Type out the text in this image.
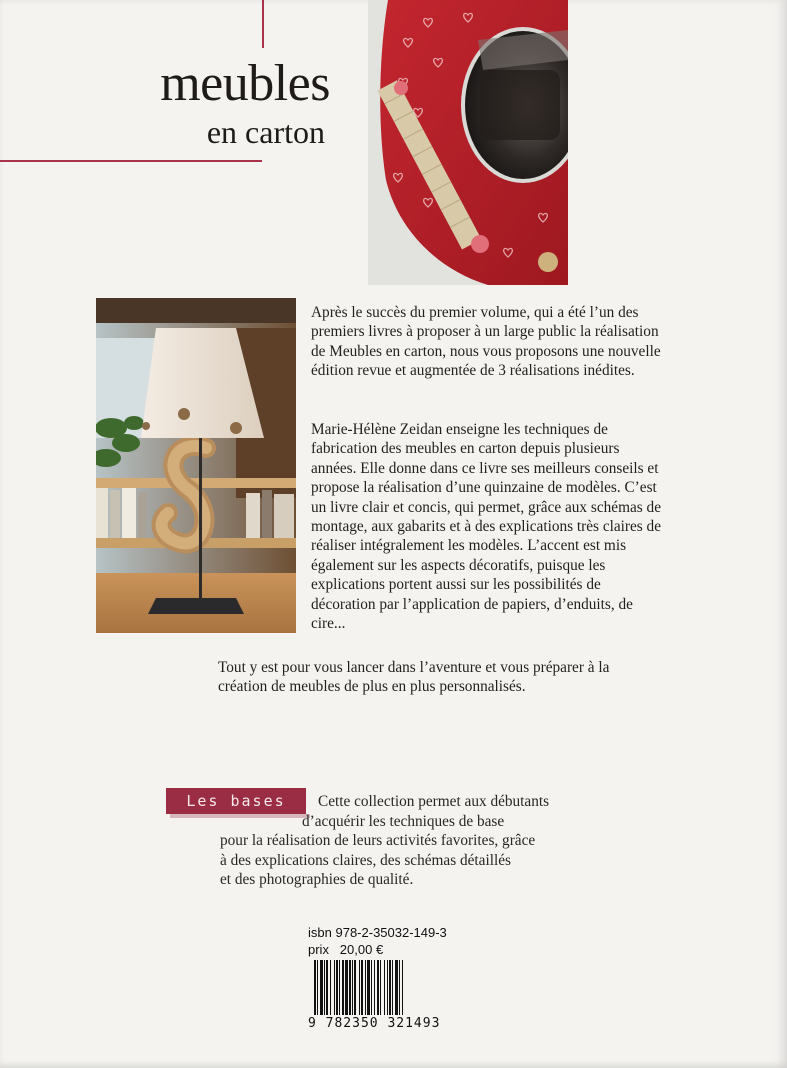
meubles
en carton
Après le succès du premier volume, qui a été l’un des premiers livres à proposer à un large public la réalisation de Meubles en carton, nous vous proposons une nouvelle édition revue et augmentée de 3 réalisations inédites.
Marie-Hélène Zeidan enseigne les techniques de fabrication des meubles en carton depuis plusieurs années. Elle donne dans ce livre ses meilleurs conseils et propose la réalisation d’une quinzaine de modèles. C’est un livre clair et concis, qui permet, grâce aux schémas de montage, aux gabarits et à des explications très claires de réaliser intégralement les modèles. L’accent est mis également sur les aspects décoratifs, puisque les explications portent aussi sur les possibilités de décoration par l’application de papiers, d’enduits, de cire...
Tout y est pour vous lancer dans l’aventure et vous préparer à la création de meubles de plus en plus personnalisés.
Les bases	Cette collection permet aux débutants
d’acquérir les techniques de base
pour la réalisation de leurs activités favorites, grâce
à des explications claires, des schémas détaillés
et des photographies de qualité.
isbn 978-2-35032-149-3
prix 20,00 €
9 782350 321493
